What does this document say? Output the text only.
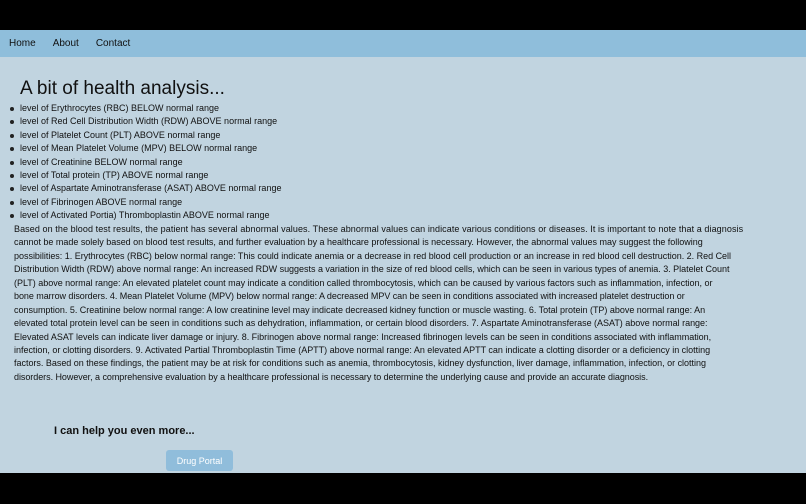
Home About Contact
A bit of health analysis...
level of Erythrocytes (RBC) BELOW normal range
level of Red Cell Distribution Width (RDW) ABOVE normal range
level of Platelet Count (PLT) ABOVE normal range
level of Mean Platelet Volume (MPV) BELOW normal range
level of Creatinine BELOW normal range
level of Total protein (TP) ABOVE normal range
level of Aspartate Aminotransferase (ASAT) ABOVE normal range
level of Fibrinogen ABOVE normal range
level of Activated Portia) Thromboplastin ABOVE normal range
Based on the blood test results, the patient has several abnormal values. These abnormal values can indicate various conditions or diseases. It is important to note that a diagnosis
cannot be made solely based on blood test results, and further evaluation by a healthcare professional is necessary. However, the abnormal values may suggest the following
possibilities: 1. Erythrocytes (RBC) below normal range: This could indicate anemia or a decrease in red blood cell production or an increase in red blood cell destruction. 2. Red Cell
Distribution Width (RDW) above normal range: An increased RDW suggests a variation in the size of red blood cells, which can be seen in various types of anemia. 3. Platelet Count
(PLT) above normal range: An elevated platelet count may indicate a condition called thrombocytosis, which can be caused by various factors such as inflammation, infection, or
bone marrow disorders. 4. Mean Platelet Volume (MPV) below normal range: A decreased MPV can be seen in conditions associated with increased platelet destruction or
consumption. 5. Creatinine below normal range: A low creatinine level may indicate decreased kidney function or muscle wasting. 6. Total protein (TP) above normal range: An
elevated total protein level can be seen in conditions such as dehydration, inflammation, or certain blood disorders. 7. Aspartate Aminotransferase (ASAT) above normal range:
Elevated ASAT levels can indicate liver damage or injury. 8. Fibrinogen above normal range: Increased fibrinogen levels can be seen in conditions associated with inflammation,
infection, or clotting disorders. 9. Activated Partial Thromboplastin Time (APTT) above normal range: An elevated APTT can indicate a clotting disorder or a deficiency in clotting
factors. Based on these findings, the patient may be at risk for conditions such as anemia, thrombocytosis, kidney dysfunction, liver damage, inflammation, infection, or clotting
disorders. However, a comprehensive evaluation by a healthcare professional is necessary to determine the underlying cause and provide an accurate diagnosis.
I can help you even more...
Drug Portal
